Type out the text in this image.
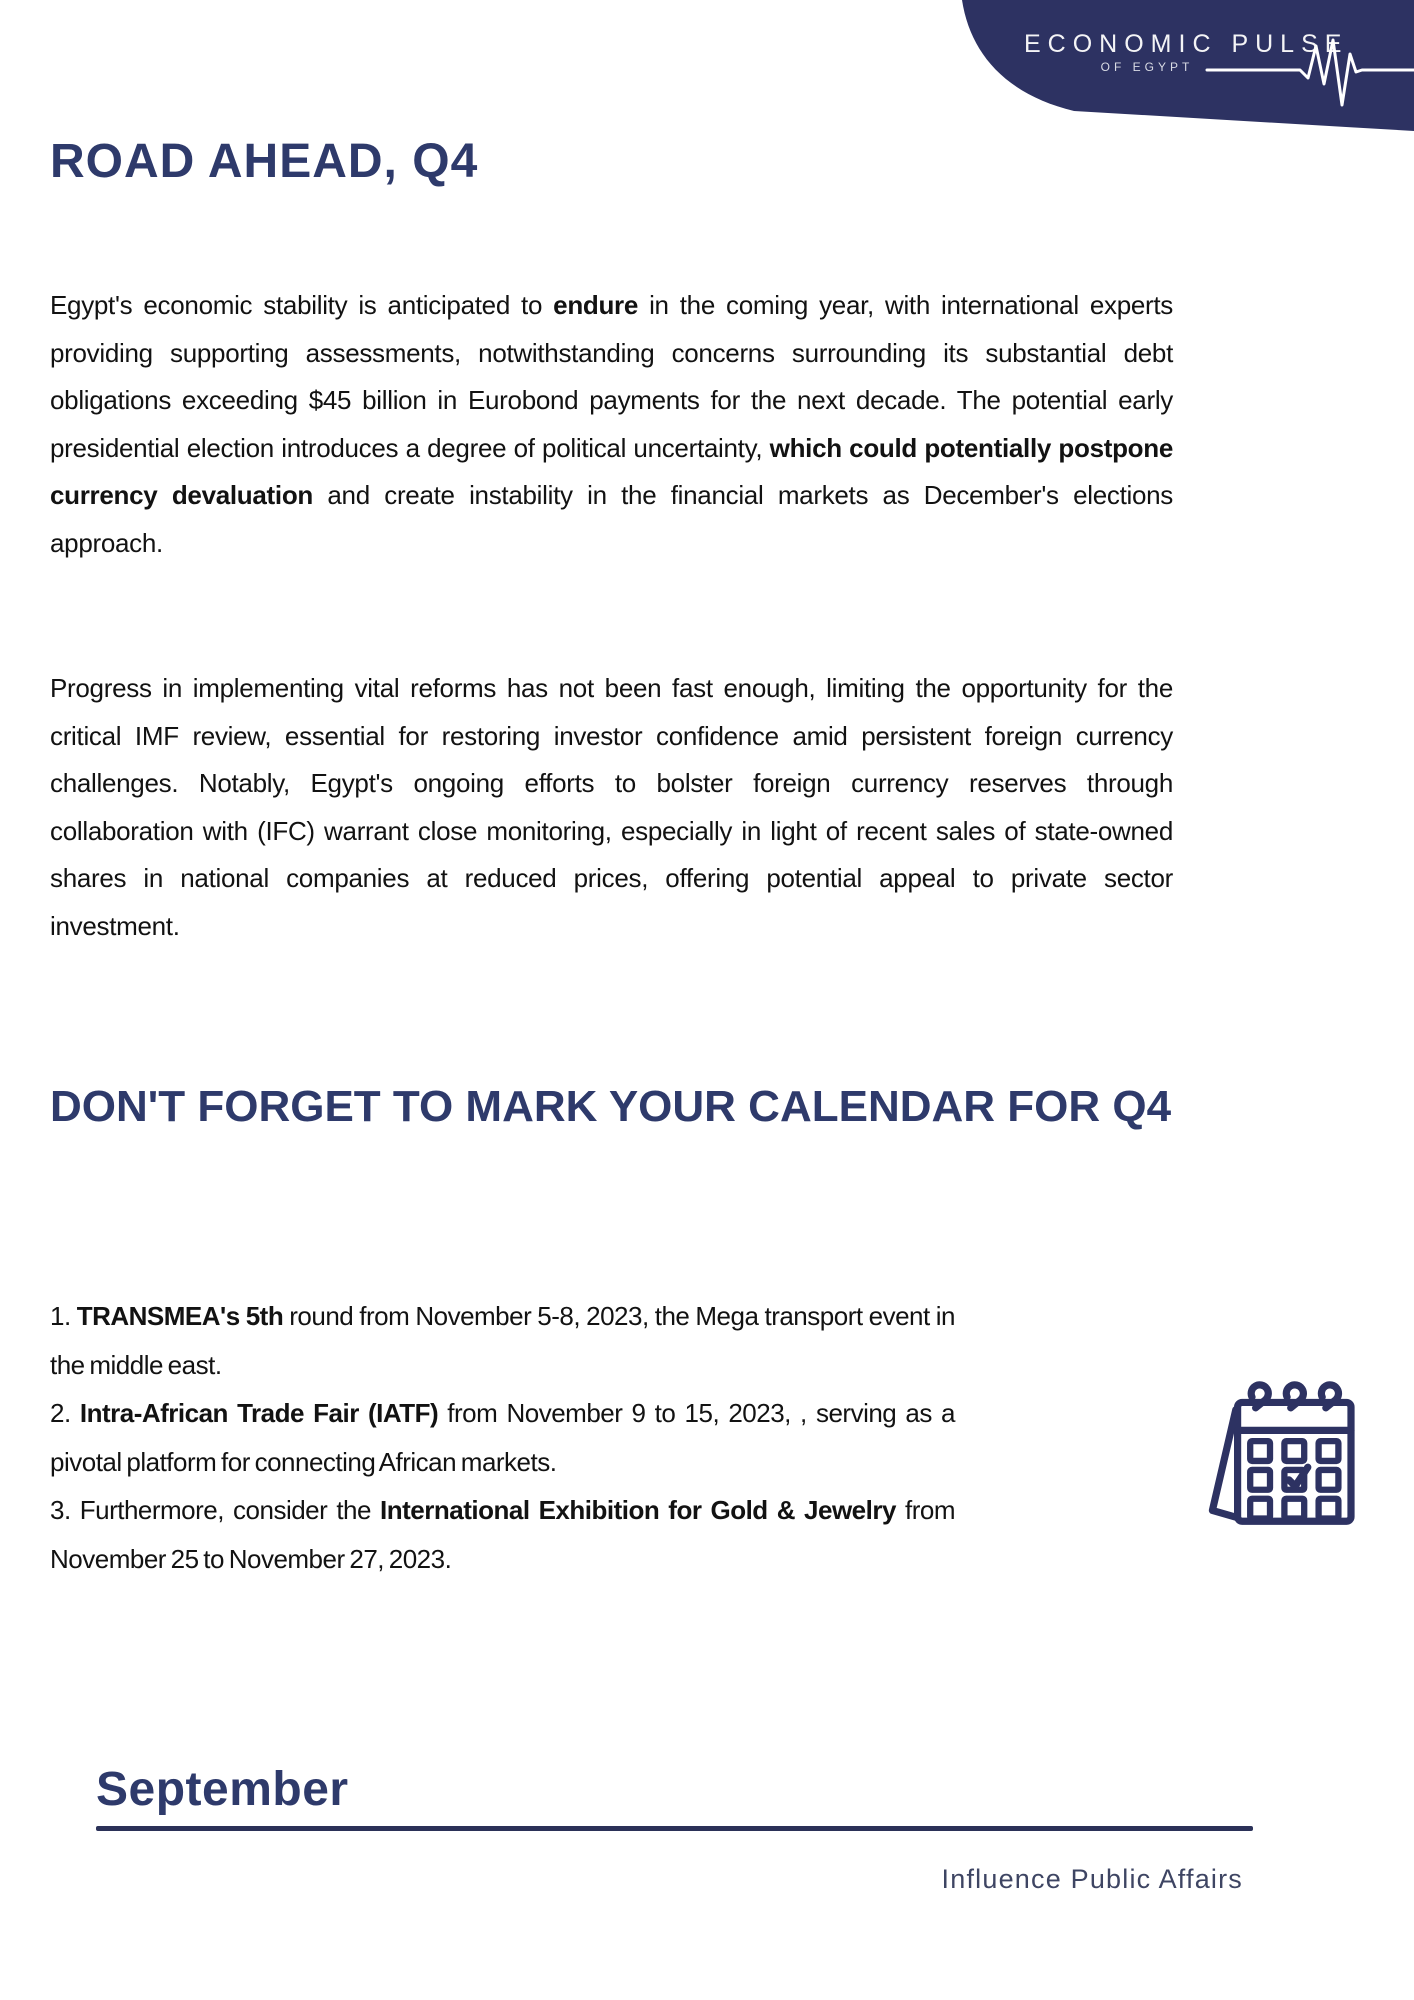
ECONOMIC PULSE
OF EGYPT
ROAD AHEAD, Q4
Egypt's economic stability is anticipated to endure in the coming year, with international experts providing supporting assessments, notwithstanding concerns surrounding its substantial debt obligations exceeding $45 billion in Eurobond payments for the next decade. The potential early presidential election introduces a degree of political uncertainty, which could potentially postpone currency devaluation and create instability in the financial markets as December's elections approach.
Progress in implementing vital reforms has not been fast enough, limiting the opportunity for the critical IMF review, essential for restoring investor confidence amid persistent foreign currency challenges. Notably, Egypt's ongoing efforts to bolster foreign currency reserves through collaboration with (IFC) warrant close monitoring, especially in light of recent sales of state-owned shares in national companies at reduced prices, offering potential appeal to private sector investment.
DON'T FORGET TO MARK YOUR CALENDAR FOR Q4
1. TRANSMEA's 5th round from November 5-8, 2023, the Mega transport event in the middle east.
2. Intra-African Trade Fair (IATF) from November 9 to 15, 2023, , serving as a pivotal platform for connecting African markets.
3. Furthermore, consider the International Exhibition for Gold & Jewelry from November 25 to November 27, 2023.
September
Influence Public Affairs
